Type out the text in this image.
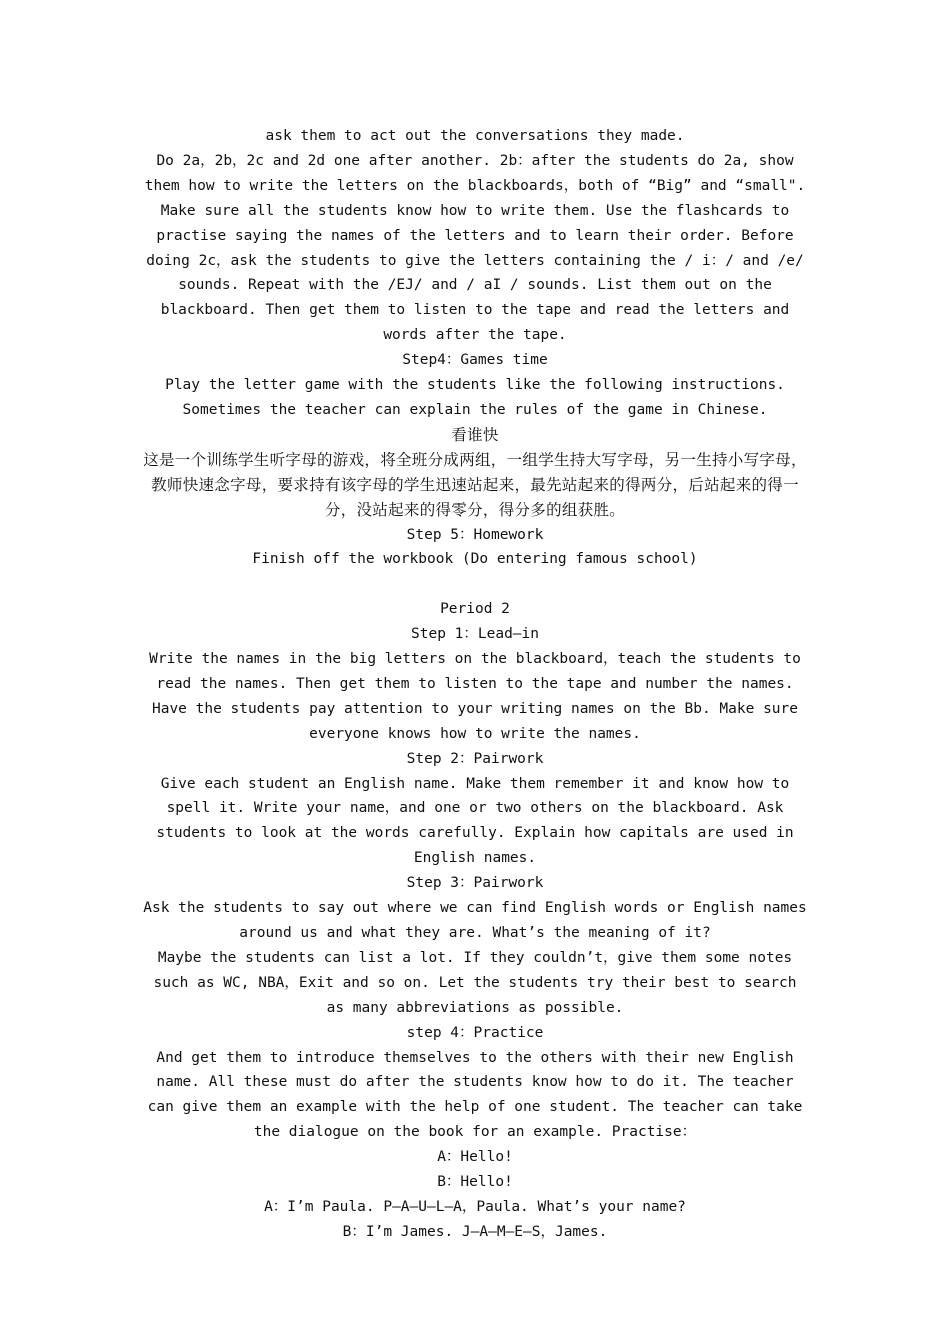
ask them to act out the conversations they made.

Do 2a，2b，2c and 2d one after another. 2b：after the students do 2a, show them how to write the letters on the blackboards，both of “Big” and “small". Make sure all the students know how to write them. Use the flashcards to practise saying the names of the letters and to learn their order. Before doing 2c，ask the students to give the letters containing the / i：/ and /e/ sounds. Repeat with the /EJ/ and / aI / sounds. List them out on the blackboard. Then get them to listen to the tape and read the letters and words after the tape.

Step4：Games time

Play the letter game with the students like the following instructions. Sometimes the teacher can explain the rules of the game in Chinese.

看谁快

这是一个训练学生听字母的游戏，将全班分成两组，一组学生持大写字母，另一生持小写字母，教师快速念字母，要求持有该字母的学生迅速站起来，最先站起来的得两分，后站起来的得一分，没站起来的得零分，得分多的组获胜。

Step 5：Homework

Finish off the workbook (Do entering famous school)

Period 2

Step 1：Lead—in

Write the names in the big letters on the blackboard，teach the students to read the names. Then get them to listen to the tape and number the names. Have the students pay attention to your writing names on the Bb. Make sure everyone knows how to write the names.

Step 2：Pairwork

Give each student an English name. Make them remember it and know how to spell it. Write your name，and one or two others on the blackboard. Ask students to look at the words carefully. Explain how capitals are used in English names.

Step 3：Pairwork

Ask the students to say out where we can find English words or English names around us and what they are. What’s the meaning of it?

Maybe the students can list a lot. If they couldn’t，give them some notes such as WC, NBA，Exit and so on. Let the students try their best to search as many abbreviations as possible.

step 4：Practice

And get them to introduce themselves to the others with their new English name. All these must do after the students know how to do it. The teacher can give them an example with the help of one student. The teacher can take the dialogue on the book for an example. Practise：

A：Hello!

B：Hello!

A：I’m Paula. P—A—U—L—A，Paula. What’s your name?

B：I’m James. J—A—M—E—S，James.
